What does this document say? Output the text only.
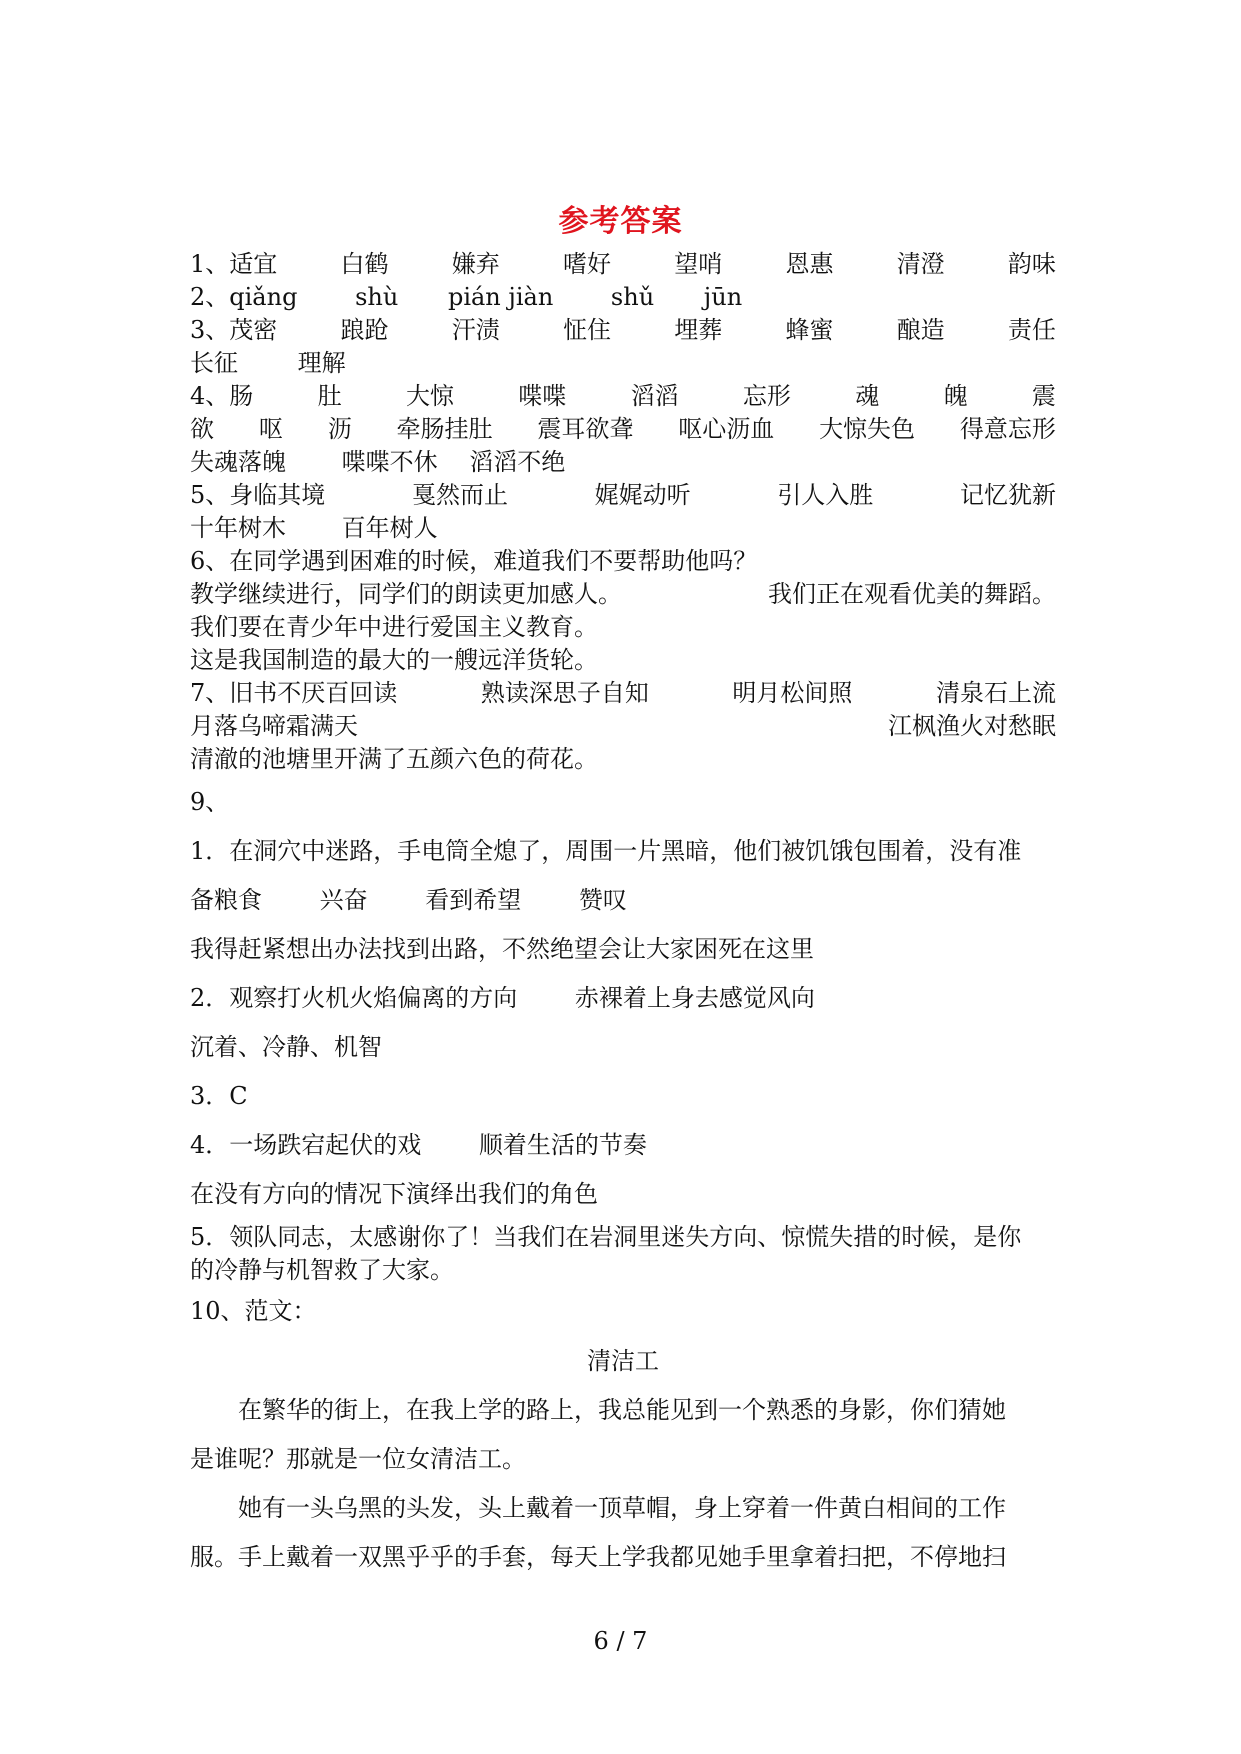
参考答案
1、适宜	白鹤	嫌弃	嗜好	望哨	恩惠	清澄	韵味
2、qiǎng shù pián jiàn shǔ jūn
3、茂密	踉跄	汗渍	怔住	埋葬	蜂蜜	酿造	责任
长征 理解
4、肠	肚	大惊	喋喋	滔滔	忘形	魂	魄	震
欲 呕 沥 牵肠挂肚 震耳欲聋 呕心沥血 大惊失色 得意忘形
失魂落魄 喋喋不休 滔滔不绝
5、身临其境	戛然而止	娓娓动听	引人入胜	记忆犹新
十年树木 百年树人
6、在同学遇到困难的时候，难道我们不要帮助他吗？
教学继续进行，同学们的朗读更加感人。	我们正在观看优美的舞蹈。
我们要在青少年中进行爱国主义教育。
这是我国制造的最大的一艘远洋货轮。
7、旧书不厌百回读	熟读深思子自知	明月松间照	清泉石上流
月落乌啼霜满天	江枫渔火对愁眠
清澈的池塘里开满了五颜六色的荷花。
9、
1．在洞穴中迷路，手电筒全熄了，周围一片黑暗，他们被饥饿包围着，没有准
备粮食 兴奋 看到希望 赞叹
我得赶紧想出办法找到出路，不然绝望会让大家困死在这里
2．观察打火机火焰偏离的方向 赤裸着上身去感觉风向
沉着、冷静、机智
3．C
4．一场跌宕起伏的戏 顺着生活的节奏
在没有方向的情况下演绎出我们的角色
5．领队同志，太感谢你了！当我们在岩洞里迷失方向、惊慌失措的时候，是你
的冷静与机智救了大家。
10、范文：
清洁工
在繁华的街上，在我上学的路上，我总能见到一个熟悉的身影，你们猜她
是谁呢？那就是一位女清洁工。
她有一头乌黑的头发，头上戴着一顶草帽，身上穿着一件黄白相间的工作
服。手上戴着一双黑乎乎的手套，每天上学我都见她手里拿着扫把，不停地扫
6 / 7
